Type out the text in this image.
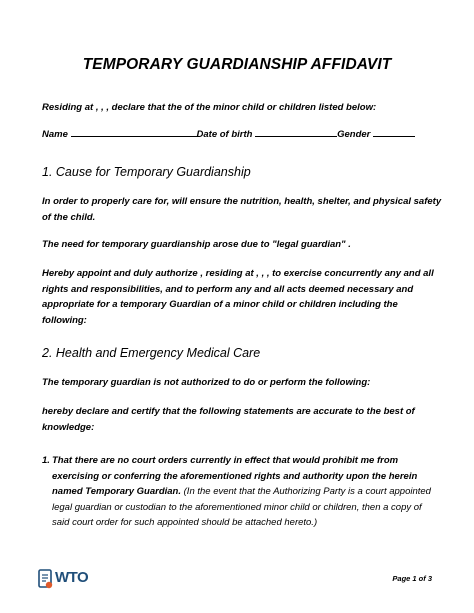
TEMPORARY GUARDIANSHIP AFFIDAVIT
Residing at , , , declare that the of the minor child or children listed below:
Name	Date of birth	Gender
1. Cause for Temporary Guardianship
In order to properly care for, will ensure the nutrition, health, shelter, and physical safety of the child.
The need for temporary guardianship arose due to "legal guardian" .
Hereby appoint and duly authorize , residing at , , , to exercise concurrently any and all rights and responsibilities, and to perform any and all acts deemed necessary and appropriate for a temporary Guardian of a minor child or children including the following:
2. Health and Emergency Medical Care
The temporary guardian is not authorized to do or perform the following:
hereby declare and certify that the following statements are accurate to the best of knowledge:
1. That there are no court orders currently in effect that would prohibit me from exercising or conferring the aforementioned rights and authority upon the herein named Temporary Guardian. (In the event that the Authorizing Party is a court appointed legal guardian or custodian to the aforementioned minor child or children, then a copy of said court order for such appointed should be attached hereto.)
WTO	Page 1 of 3
